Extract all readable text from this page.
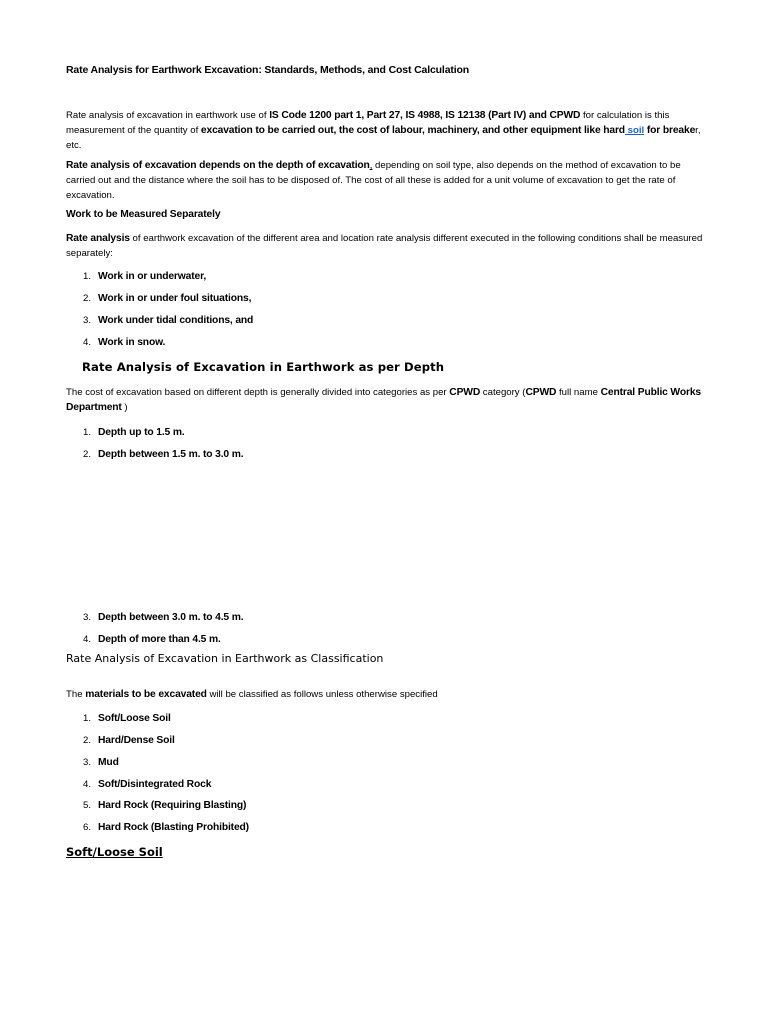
Rate Analysis for Earthwork Excavation: Standards, Methods, and Cost Calculation
Rate analysis of excavation in earthwork use of IS Code 1200 part 1, Part 27, IS 4988, IS 12138 (Part IV) and CPWD for calculation is this measurement of the quantity of excavation to be carried out, the cost of labour, machinery, and other equipment like hard soil for breaker, etc.
Rate analysis of excavation depends on the depth of excavation, depending on soil type, also depends on the method of excavation to be carried out and the distance where the soil has to be disposed of. The cost of all these is added for a unit volume of excavation to get the rate of excavation.
Work to be Measured Separately
Rate analysis of earthwork excavation of the different area and location rate analysis different executed in the following conditions shall be measured separately:
1. Work in or underwater,
2. Work in or under foul situations,
3. Work under tidal conditions, and
4. Work in snow.
Rate Analysis of Excavation in Earthwork as per Depth
The cost of excavation based on different depth is generally divided into categories as per CPWD category (CPWD full name Central Public Works Department )
1. Depth up to 1.5 m.
2. Depth between 1.5 m. to 3.0 m.
3. Depth between 3.0 m. to 4.5 m.
4. Depth of more than 4.5 m.
Rate Analysis of Excavation in Earthwork as Classification
The materials to be excavated will be classified as follows unless otherwise specified
1. Soft/Loose Soil
2. Hard/Dense Soil
3. Mud
4. Soft/Disintegrated Rock
5. Hard Rock (Requiring Blasting)
6. Hard Rock (Blasting Prohibited)
Soft/Loose Soil
